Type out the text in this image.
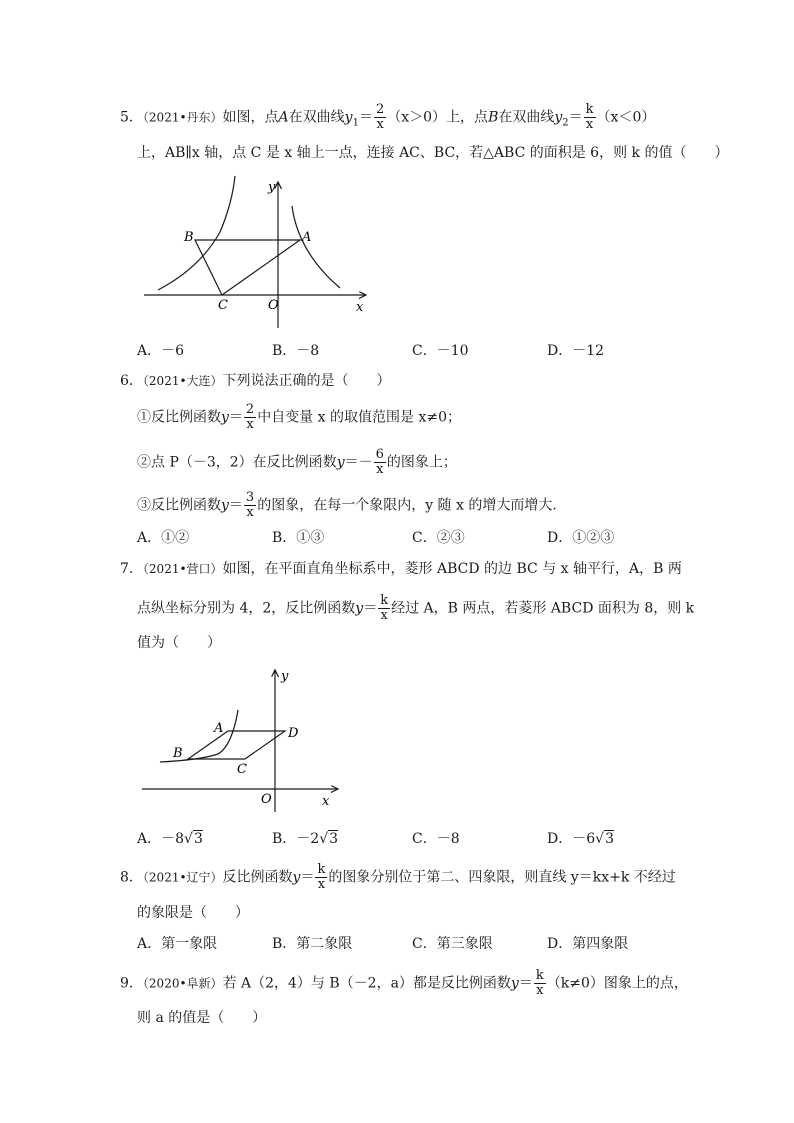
5．（2021•丹东）如图，点A在双曲线$y_1= \frac{2}{x} (x>0)$上，点B在双曲线$y_2= \frac{k}{x} (x<0)$
上，AB∥x 轴，点 C 是 x 轴上一点，连接 AC、BC，若△ABC 的面积是 6，则 k 的值（　　）
B	A
C	O	x
y
A．－6	B．－8	C．－10	D．－12
6．（2021•大连）下列说法正确的是（　　）
①反比例函数$y= \frac{2}{x}$ 中自变量 x 的取值范围是 x≠0；
②点 P（－3，2）在反比例函数$y=- \frac{6}{x}$ 的图象上；
③反比例函数$y= \frac{3}{x}$ 的图象，在每一个象限内，y 随 x 的增大而增大．
A．①②	B．①③	C．②③	D．①②③
7．（2021•营口）如图，在平面直角坐标系中，菱形 ABCD 的边 BC 与 x 轴平行，A，B 两
点纵坐标分别为 4，2，反比例函数$y= \frac{k}{x}$ 经过 A，B 两点，若菱形 ABCD 面积为 8，则 k
值为（　　）
A
B
C
D
O	x
y
A．－8√3	B．－2√3	C．－8	D．－6√3
8．（2021•辽宁）反比例函数$y= \frac{k}{x}$ 的图象分别位于第二、四象限，则直线 y＝kx+k 不经过
的象限是（　　）
A．第一象限	B．第二象限	C．第三象限	D．第四象限
9．（2020•阜新）若 A（2，4）与 B（－2，a）都是反比例函数$y= \frac{k}{x} (k\ne 0)$图象上的点，
则 a 的值是（　　）
